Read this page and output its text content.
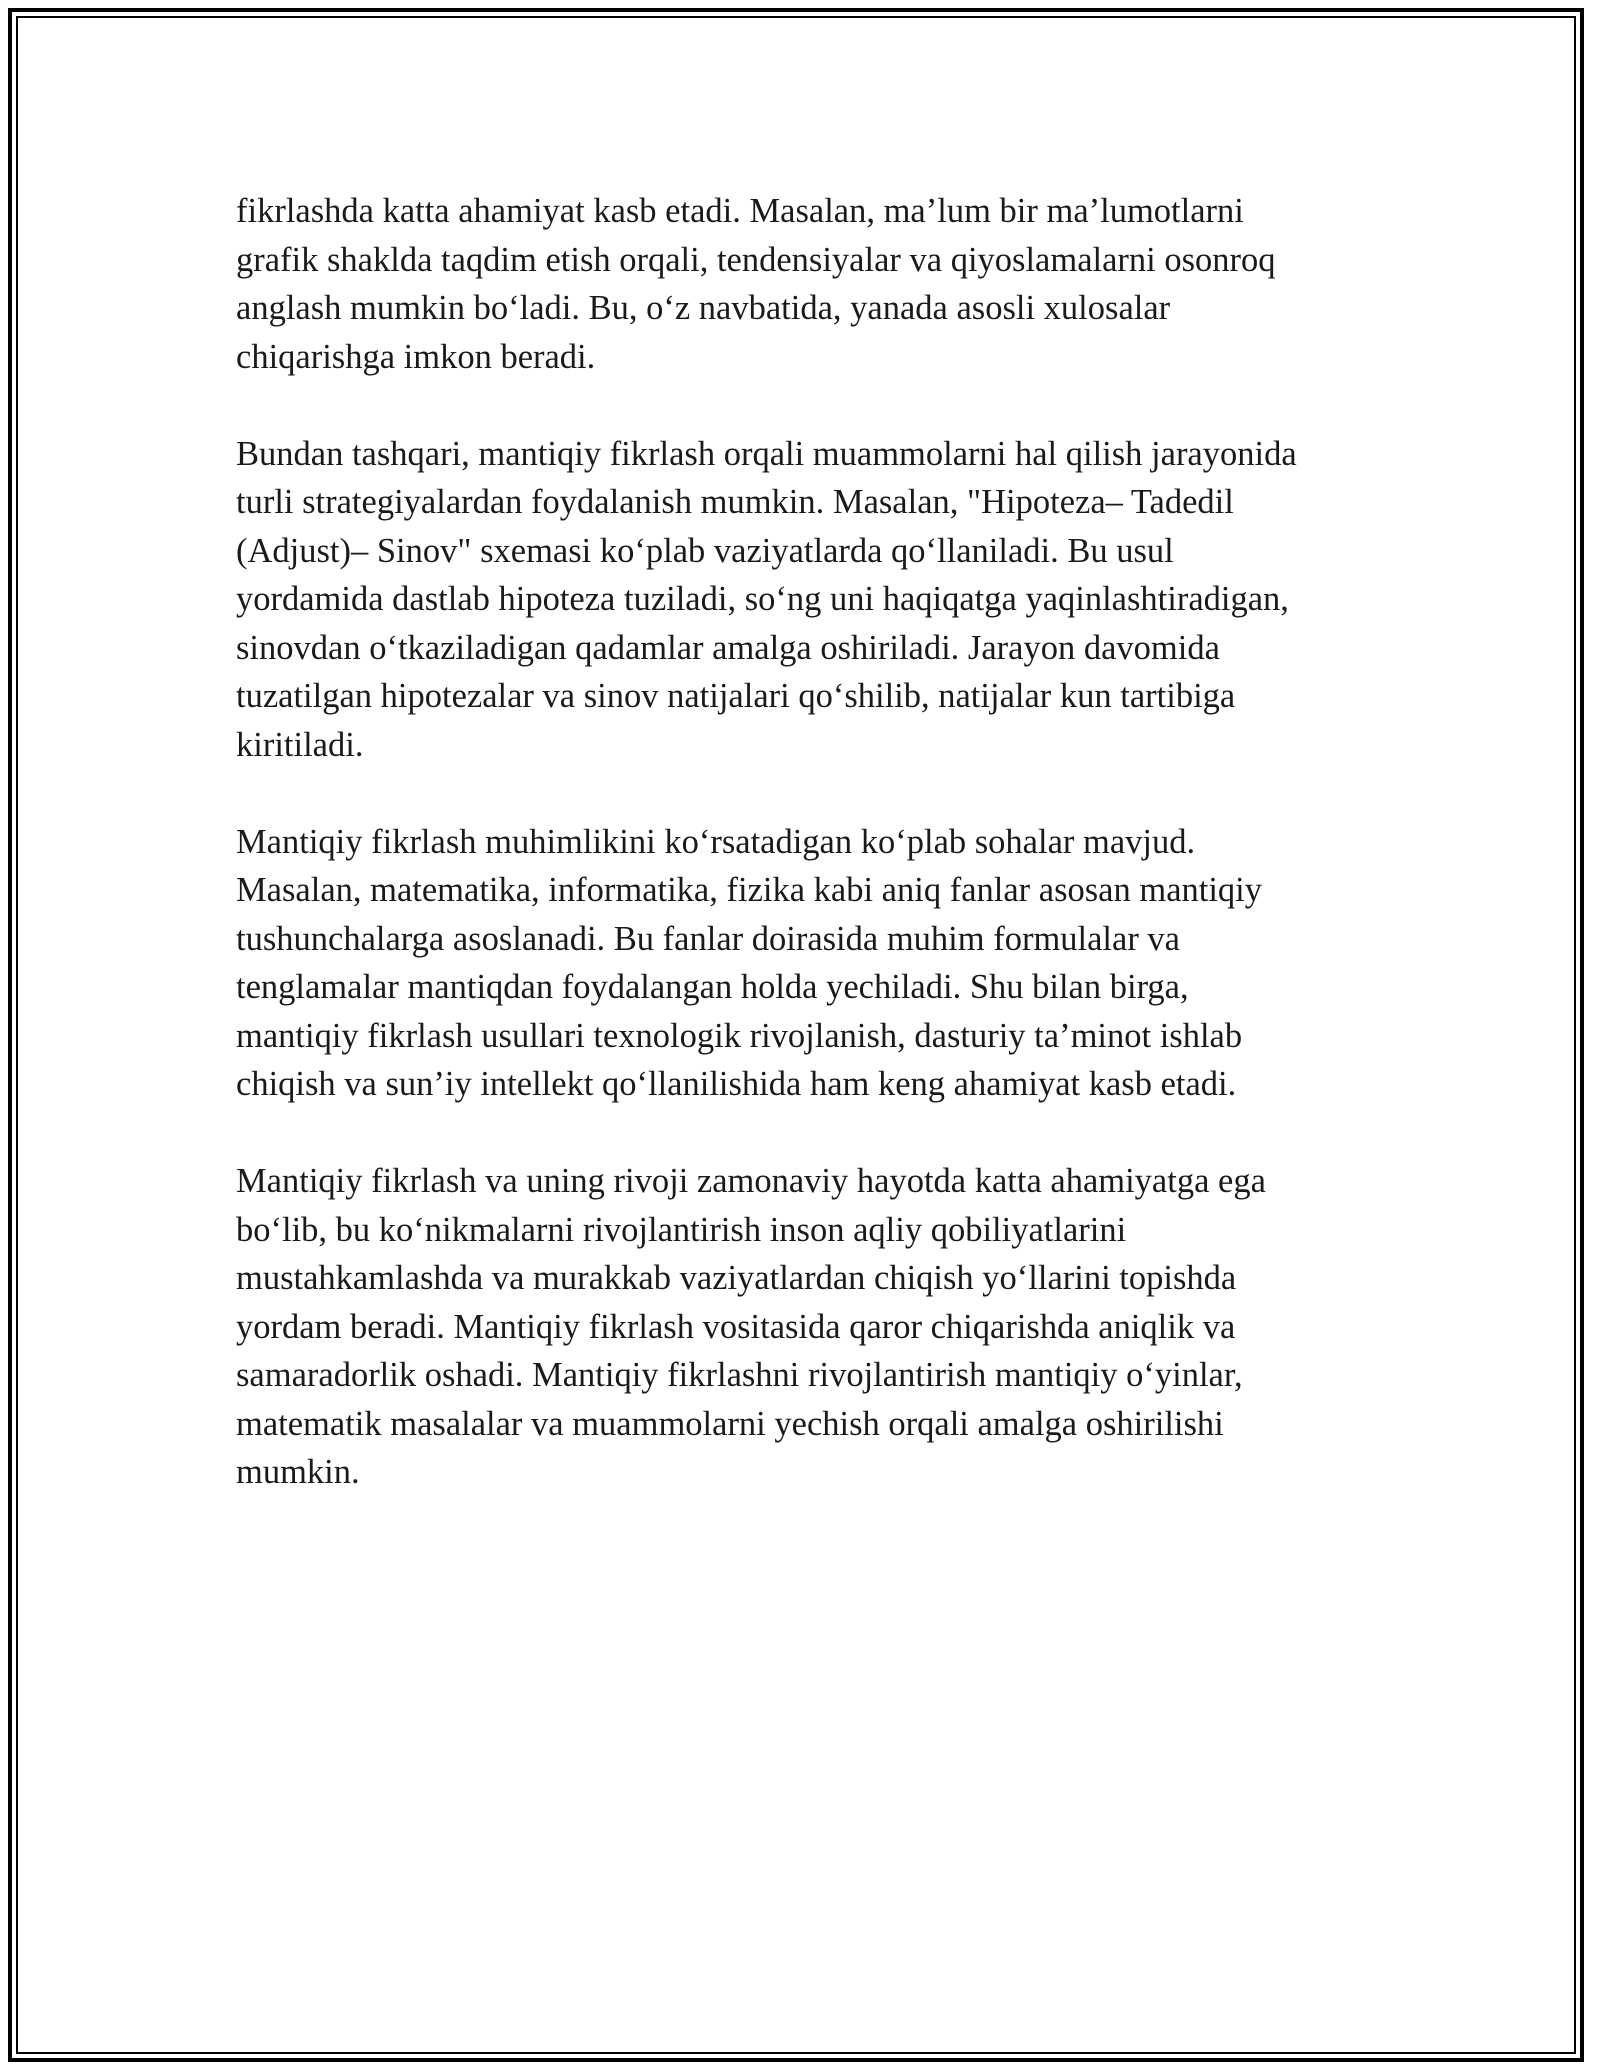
fikrlashda katta ahamiyat kasb etadi. Masalan, ma’lum bir ma’lumotlarni
grafik shaklda taqdim etish orqali, tendensiyalar va qiyoslamalarni osonroq
anglash mumkin bo‘ladi. Bu, o‘z navbatida, yanada asosli xulosalar
chiqarishga imkon beradi.

Bundan tashqari, mantiqiy fikrlash orqali muammolarni hal qilish jarayonida
turli strategiyalardan foydalanish mumkin. Masalan, "Hipoteza– Tadedil
(Adjust)– Sinov" sxemasi ko‘plab vaziyatlarda qo‘llaniladi. Bu usul
yordamida dastlab hipoteza tuziladi, so‘ng uni haqiqatga yaqinlashtiradigan,
sinovdan o‘tkaziladigan qadamlar amalga oshiriladi. Jarayon davomida
tuzatilgan hipotezalar va sinov natijalari qo‘shilib, natijalar kun tartibiga
kiritiladi.

Mantiqiy fikrlash muhimlikini ko‘rsatadigan ko‘plab sohalar mavjud.
Masalan, matematika, informatika, fizika kabi aniq fanlar asosan mantiqiy
tushunchalarga asoslanadi. Bu fanlar doirasida muhim formulalar va
tenglamalar mantiqdan foydalangan holda yechiladi. Shu bilan birga,
mantiqiy fikrlash usullari texnologik rivojlanish, dasturiy ta’minot ishlab
chiqish va sun’iy intellekt qo‘llanilishida ham keng ahamiyat kasb etadi.

Mantiqiy fikrlash va uning rivoji zamonaviy hayotda katta ahamiyatga ega
bo‘lib, bu ko‘nikmalarni rivojlantirish inson aqliy qobiliyatlarini
mustahkamlashda va murakkab vaziyatlardan chiqish yo‘llarini topishda
yordam beradi. Mantiqiy fikrlash vositasida qaror chiqarishda aniqlik va
samaradorlik oshadi. Mantiqiy fikrlashni rivojlantirish mantiqiy o‘yinlar,
matematik masalalar va muammolarni yechish orqali amalga oshirilishi
mumkin.
